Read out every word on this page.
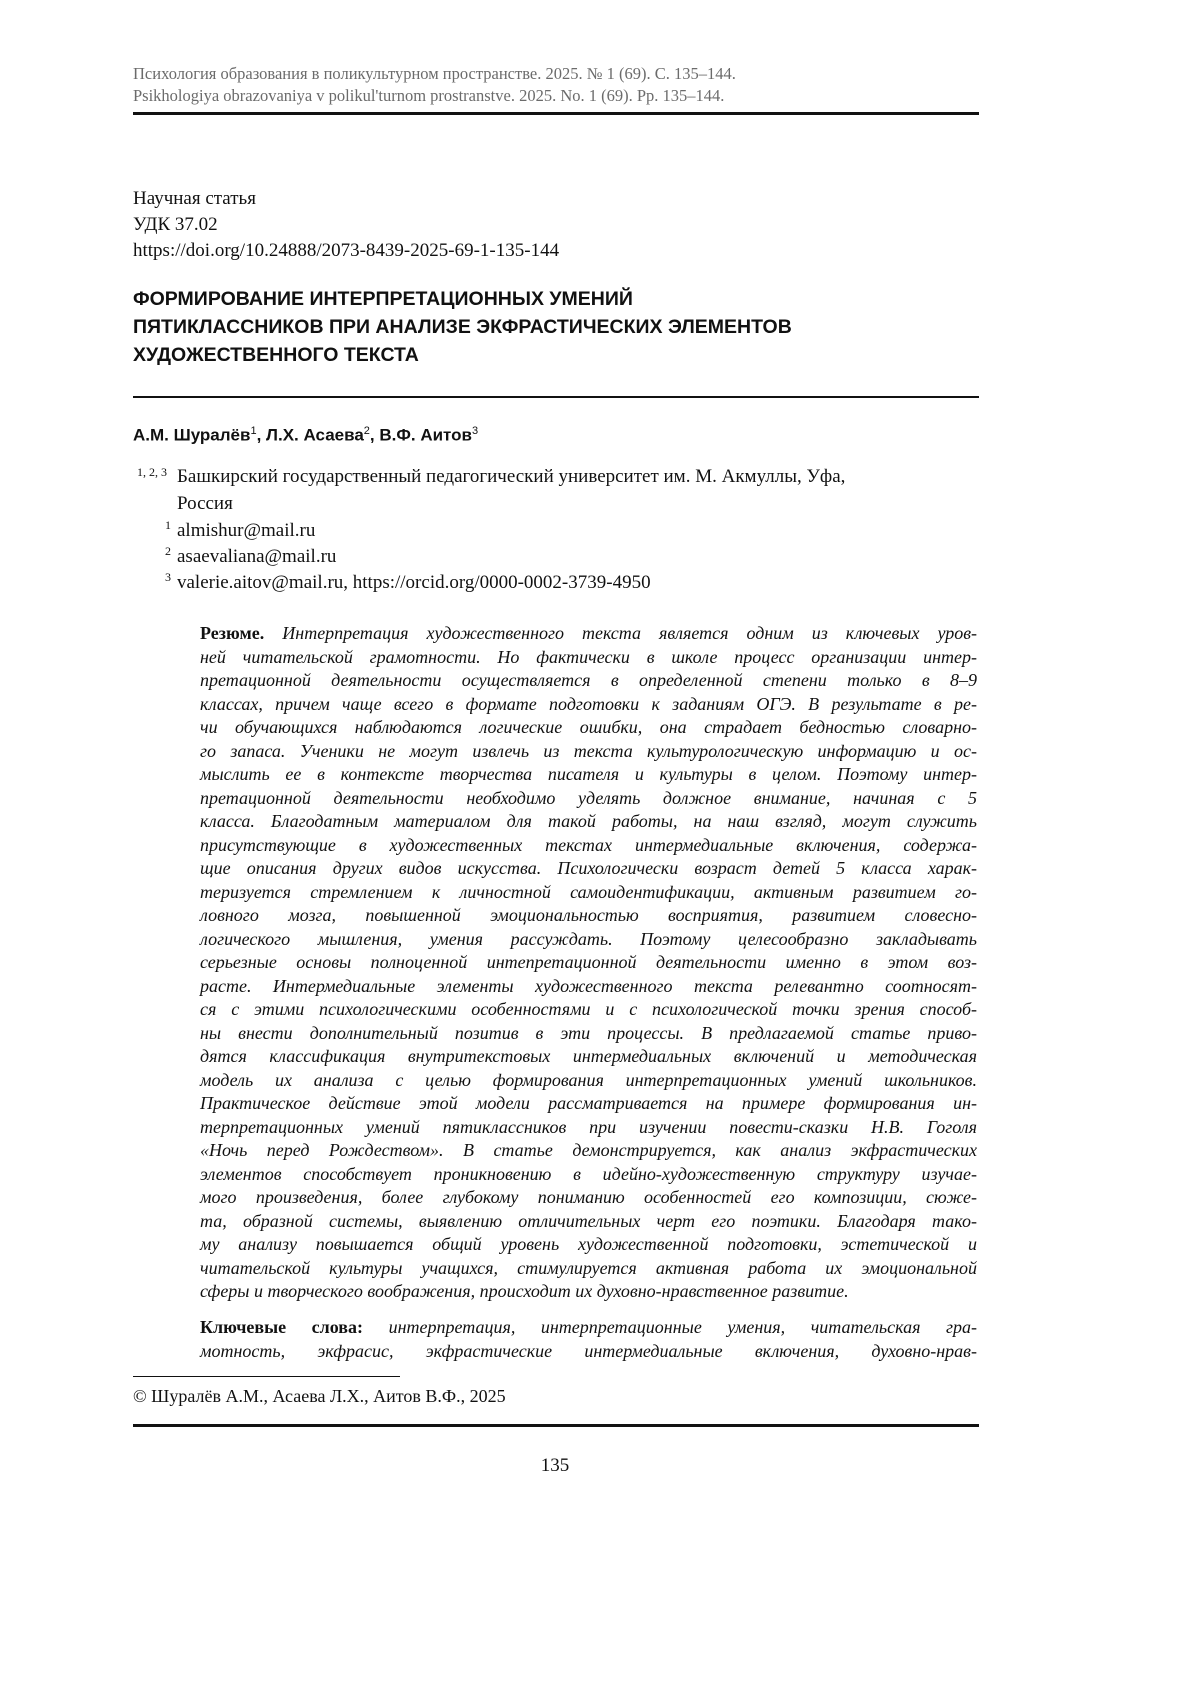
Психология образования в поликультурном пространстве. 2025. № 1 (69). С. 135–144.
Psikhologiya obrazovaniya v polikul'turnom prostranstve. 2025. No. 1 (69). Pp. 135–144.
Научная статья
УДК 37.02
https://doi.org/10.24888/2073-8439-2025-69-1-135-144
ФОРМИРОВАНИЕ ИНТЕРПРЕТАЦИОННЫХ УМЕНИЙ
ПЯТИКЛАССНИКОВ ПРИ АНАЛИЗЕ ЭКФРАСТИЧЕСКИХ ЭЛЕМЕНТОВ
ХУДОЖЕСТВЕННОГО ТЕКСТА
А.М. Шуралёв$^1$, Л.Х. Асаева$^2$, В.Ф. Аитов$^3$
1, 2, 3 Башкирский государственный педагогический университет им. М. Акмуллы, Уфа,
Россия
1 almishur@mail.ru
2 asaevaliana@mail.ru
3 valerie.aitov@mail.ru, https://orcid.org/0000-0002-3739-4950
Резюме. Интерпретация художественного текста является одним из ключевых уров-
ней читательской грамотности. Но фактически в школе процесс организации интер-
претационной деятельности осуществляется в определенной степени только в 8–9
классах, причем чаще всего в формате подготовки к заданиям ОГЭ. В результате в ре-
чи обучающихся наблюдаются логические ошибки, она страдает бедностью словарно-
го запаса. Ученики не могут извлечь из текста культурологическую информацию и ос-
мыслить ее в контексте творчества писателя и культуры в целом. Поэтому интер-
претационной деятельности необходимо уделять должное внимание, начиная с 5
класса. Благодатным материалом для такой работы, на наш взгляд, могут служить
присутствующие в художественных текстах интермедиальные включения, содержа-
щие описания других видов искусства. Психологически возраст детей 5 класса харак-
теризуется стремлением к личностной самоидентификации, активным развитием го-
ловного мозга, повышенной эмоциональностью восприятия, развитием словесно-
логического мышления, умения рассуждать. Поэтому целесообразно закладывать
серьезные основы полноценной интепретационной деятельности именно в этом воз-
расте. Интермедиальные элементы художественного текста релевантно соотносят-
ся с этими психологическими особенностями и с психологической точки зрения способ-
ны внести дополнительный позитив в эти процессы. В предлагаемой статье приво-
дятся классификация внутритекстовых интермедиальных включений и методическая
модель их анализа с целью формирования интерпретационных умений школьников.
Практическое действие этой модели рассматривается на примере формирования ин-
терпретационных умений пятиклассников при изучении повести-сказки Н.В. Гоголя
«Ночь перед Рождеством». В статье демонстрируется, как анализ экфрастических
элементов способствует проникновению в идейно-художественную структуру изучае-
мого произведения, более глубокому пониманию особенностей его композиции, сюже-
та, образной системы, выявлению отличительных черт его поэтики. Благодаря тако-
му анализу повышается общий уровень художественной подготовки, эстетической и
читательской культуры учащихся, стимулируется активная работа их эмоциональной
сферы и творческого воображения, происходит их духовно-нравственное развитие.
Ключевые слова: интерпретация, интерпретационные умения, читательская гра-
мотность, экфрасис, экфрастические интермедиальные включения, духовно-нрав-
© Шуралёв А.М., Асаева Л.Х., Аитов В.Ф., 2025
135
